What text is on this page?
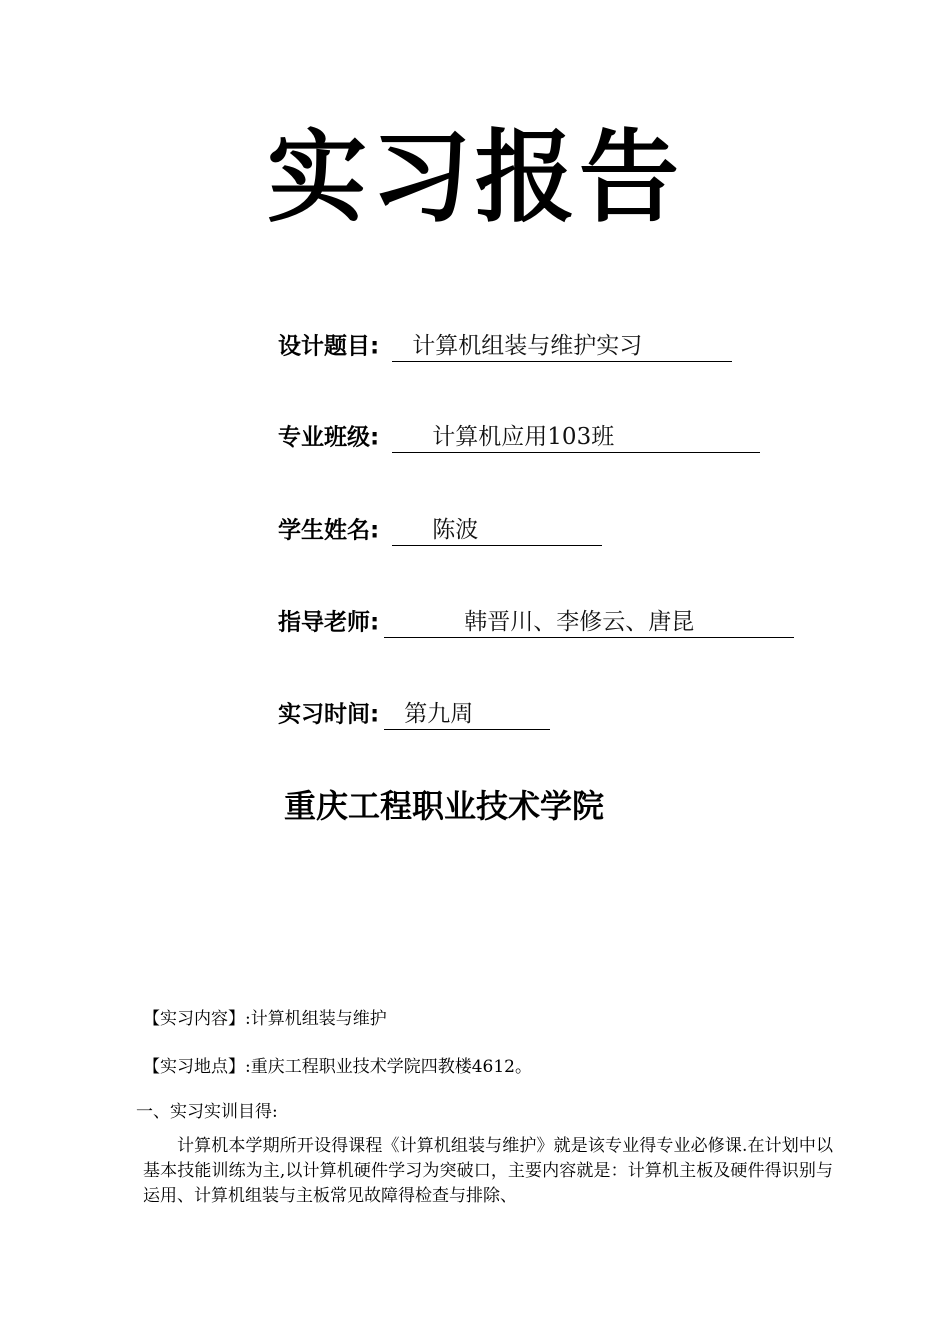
实习报告
设计题目: 计算机组装与维护实习
专业班级: 计算机应用103班
学生姓名: 陈波
指导老师:	韩晋川、李修云、唐昆
实习时间: 第九周
重庆工程职业技术学院
【实习内容】:计算机组装与维护
【实习地点】:重庆工程职业技术学院四教楼4612。
一、实习实训目得:
计算机本学期所开设得课程《计算机组装与维护》就是该专业得专业必修课.在计划中以基本技能训练为主,以计算机硬件学习为突破口，主要内容就是：计算机主板及硬件得识别与运用、计算机组装与主板常见故障得检查与排除、
